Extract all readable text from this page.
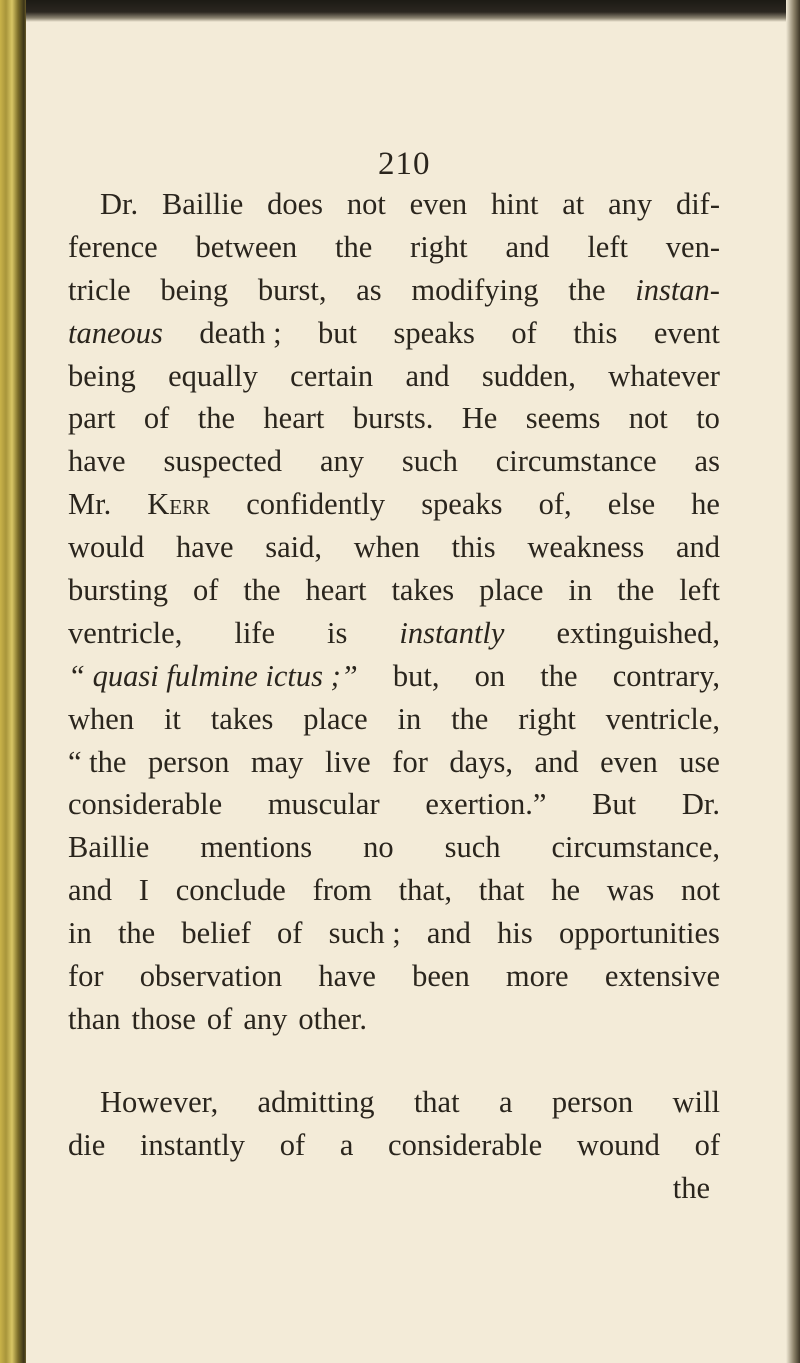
210
Dr. Baillie does not even hint at any dif-
ference between the right and left ven-
tricle being burst, as modifying the instan-
taneous death ; but speaks of this event
being equally certain and sudden, whatever
part of the heart bursts. He seems not to
have suspected any such circumstance as
Mr. Kerr confidently speaks of, else he
would have said, when this weakness and
bursting of the heart takes place in the left
ventricle, life is instantly extinguished,
“ quasi fulmine ictus ;” but, on the contrary,
when it takes place in the right ventricle,
“ the person may live for days, and even use
considerable muscular exertion.” But Dr.
Baillie mentions no such circumstance,
and I conclude from that, that he was not
in the belief of such ; and his opportunities
for observation have been more extensive
than those of any other.
However, admitting that a person will
die instantly of a considerable wound of
the
